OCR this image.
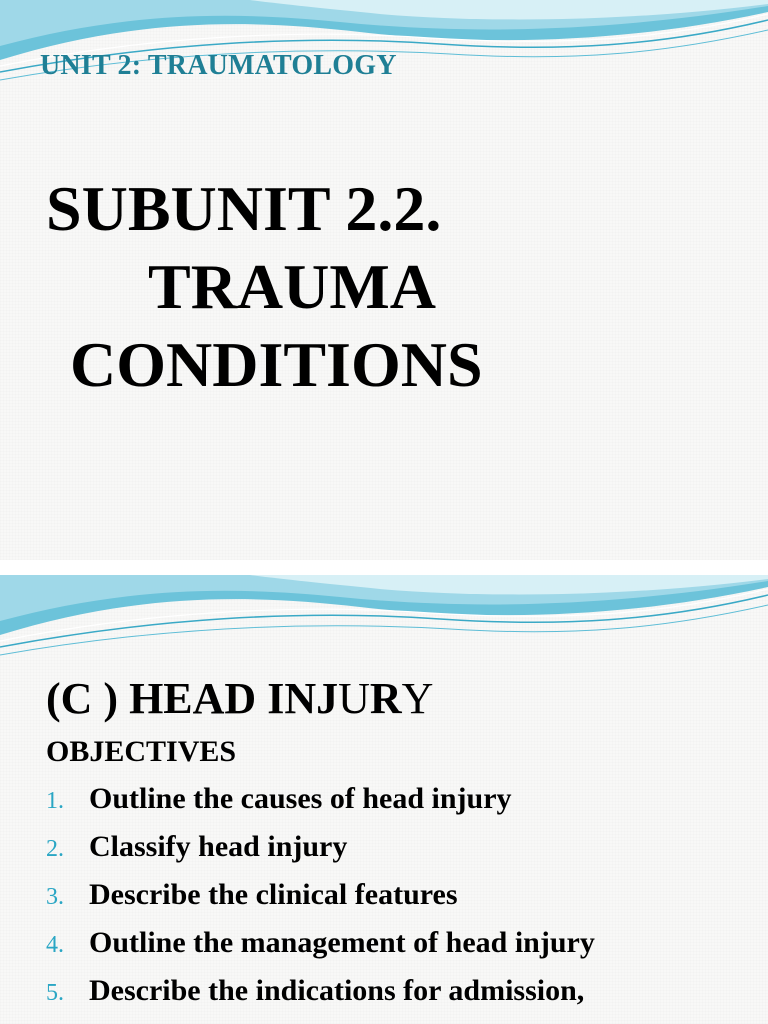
UNIT 2: TRAUMATOLOGY
SUBUNIT 2.2.
TRAUMA
CONDITIONS
(C ) HEAD INJURY
OBJECTIVES
1. Outline the causes of head injury
2. Classify head injury
3. Describe the clinical features
4. Outline the management of head injury
5. Describe the indications for admission,
